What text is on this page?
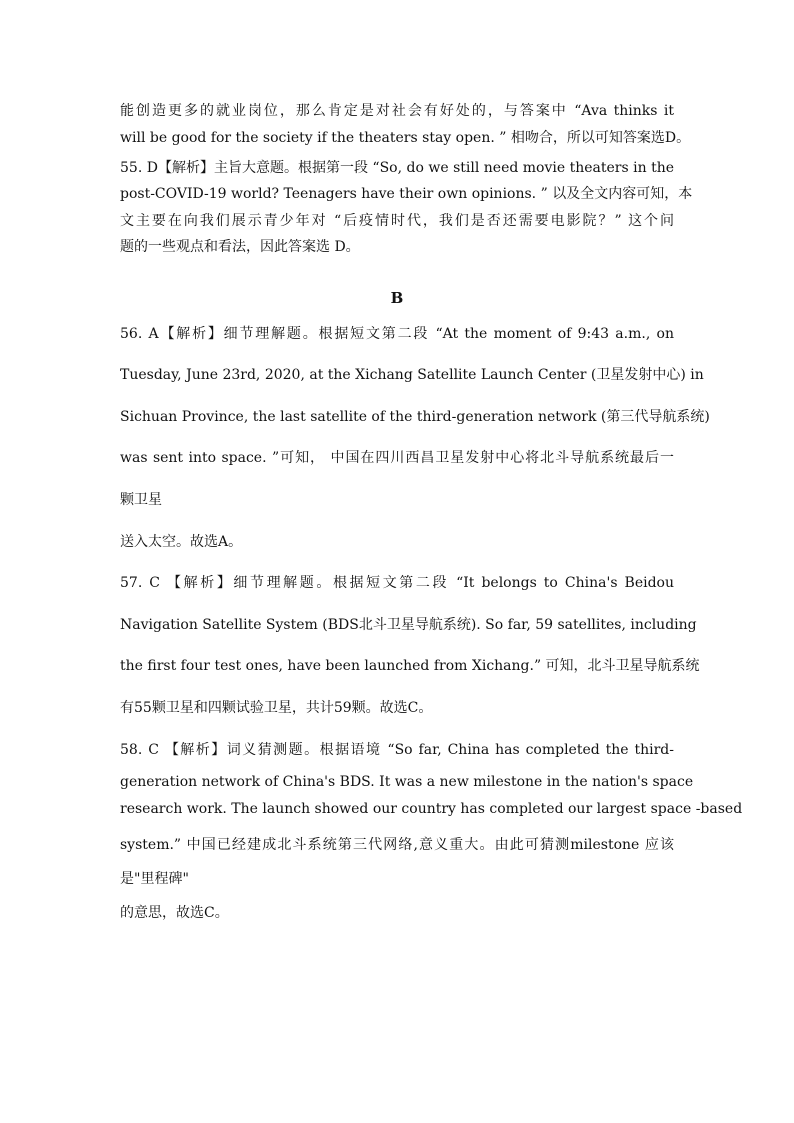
能创造更多的就业岗位，那么肯定是对社会有好处的，与答案中 “Ava thinks it
will be good for the society if the theaters stay open. ” 相吻合，所以可知答案选D。
55. D【解析】主旨大意题。根据第一段 “So, do we still need movie theaters in the
post-COVID-19 world? Teenagers have their own opinions. ” 以及全文内容可知，本
文主要在向我们展示青少年对 “后疫情时代，我们是否还需要电影院？” 这个问
题的一些观点和看法，因此答案选 D。
B
56. A【解析】细节理解题。根据短文第二段 “At the moment of 9:43 a.m., on
Tuesday, June 23rd, 2020, at the Xichang Satellite Launch Center (卫星发射中心) in
Sichuan Province, the last satellite of the third-generation network (第三代导航系统)
was sent into space. ”可知， 中国在四川西昌卫星发射中心将北斗导航系统最后一
颗卫星
送入太空。故选A。
57. C 【解析】细节理解题。根据短文第二段 “It belongs to China's Beidou
Navigation Satellite System (BDS北斗卫星导航系统). So far, 59 satellites, including
the first four test ones, have been launched from Xichang.” 可知，北斗卫星导航系统
有55颗卫星和四颗试验卫星，共计59颗。故选C。
58. C 【解析】词义猜测题。根据语境 “So far, China has completed the third-
generation network of China's BDS. It was a new milestone in the nation's space
research work. The launch showed our country has completed our largest space -based
system.” 中国已经建成北斗系统第三代网络,意义重大。由此可猜测milestone 应该
是"里程碑"
的意思，故选C。
